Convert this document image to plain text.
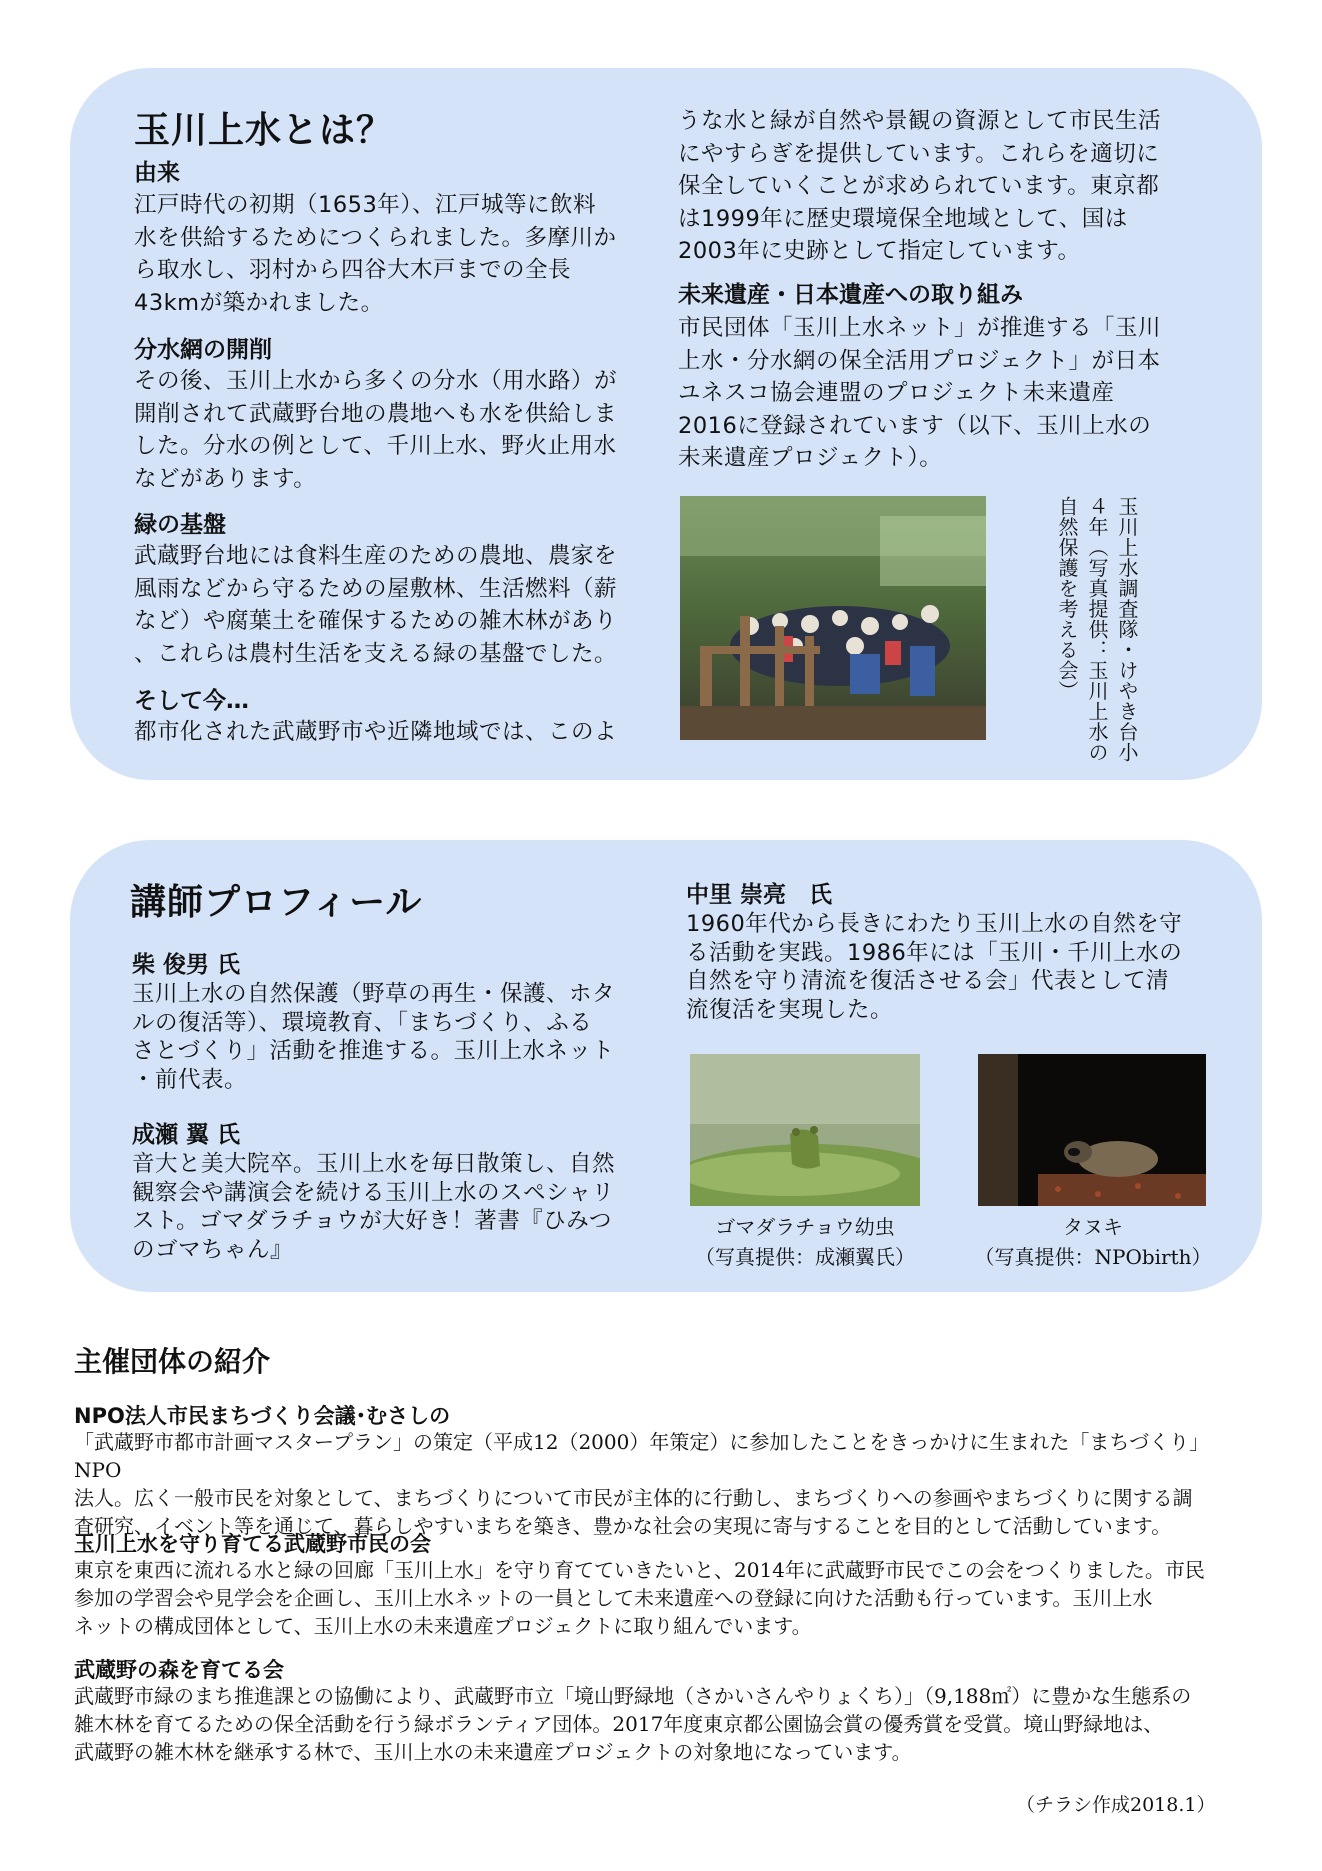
玉川上水とは？
由来
江戸時代の初期（1653年）、江戸城等に飲料
水を供給するためにつくられました。多摩川か
ら取水し、羽村から四谷大木戸までの全長
43kmが築かれました。
分水網の開削
その後、玉川上水から多くの分水（用水路）が
開削されて武蔵野台地の農地へも水を供給しま
した。分水の例として、千川上水、野火止用水
などがあります。
緑の基盤
武蔵野台地には食料生産のための農地、農家を
風雨などから守るための屋敷林、生活燃料（薪
など）や腐葉土を確保するための雑木林があり
、これらは農村生活を支える緑の基盤でした。
そして今…
都市化された武蔵野市や近隣地域では、このよ
うな水と緑が自然や景観の資源として市民生活
にやすらぎを提供しています。これらを適切に
保全していくことが求められています。東京都
は1999年に歴史環境保全地域として、国は
2003年に史跡として指定しています。
未来遺産・日本遺産への取り組み
市民団体「玉川上水ネット」が推進する「玉川
上水・分水網の保全活用プロジェクト」が日本
ユネスコ協会連盟のプロジェクト未来遺産
2016に登録されています（以下、玉川上水の
未来遺産プロジェクト）。
玉川上水調査隊・けやき台小４年（写真提供：玉川上水の自然保護を考える会）
講師プロフィール
柴 俊男 氏
玉川上水の自然保護（野草の再生・保護、ホタ
ルの復活等）、環境教育、「まちづくり、ふる
さとづくり」活動を推進する。玉川上水ネット
・前代表。
成瀬 翼 氏
音大と美大院卒。玉川上水を毎日散策し、自然
観察会や講演会を続ける玉川上水のスペシャリ
スト。ゴマダラチョウが大好き！著書『ひみつ
のゴマちゃん』
中里 崇亮　氏
1960年代から長きにわたり玉川上水の自然を守
る活動を実践。1986年には「玉川・千川上水の
自然を守り清流を復活させる会」代表として清
流復活を実現した。
ゴマダラチョウ幼虫
（写真提供：成瀬翼氏）
タヌキ
（写真提供：NPObirth）
主催団体の紹介
NPO法人市民まちづくり会議･むさしの
「武蔵野市都市計画マスタープラン」の策定（平成12（2000）年策定）に参加したことをきっかけに生まれた「まちづくり」NPO
法人。広く一般市民を対象として、まちづくりについて市民が主体的に行動し、まちづくりへの参画やまちづくりに関する調
査研究、イベント等を通じて、暮らしやすいまちを築き、豊かな社会の実現に寄与することを目的として活動しています。
玉川上水を守り育てる武蔵野市民の会
東京を東西に流れる水と緑の回廊「玉川上水」を守り育てていきたいと、2014年に武蔵野市民でこの会をつくりました。市民
参加の学習会や見学会を企画し、玉川上水ネットの一員として未来遺産への登録に向けた活動も行っています。玉川上水
ネットの構成団体として、玉川上水の未来遺産プロジェクトに取り組んでいます。
武蔵野の森を育てる会
武蔵野市緑のまち推進課との協働により、武蔵野市立「境山野緑地（さかいさんやりょくち）」（9,188㎡）に豊かな生態系の
雑木林を育てるための保全活動を行う緑ボランティア団体。2017年度東京都公園協会賞の優秀賞を受賞。境山野緑地は、
武蔵野の雑木林を継承する林で、玉川上水の未来遺産プロジェクトの対象地になっています。
（チラシ作成2018.1）
